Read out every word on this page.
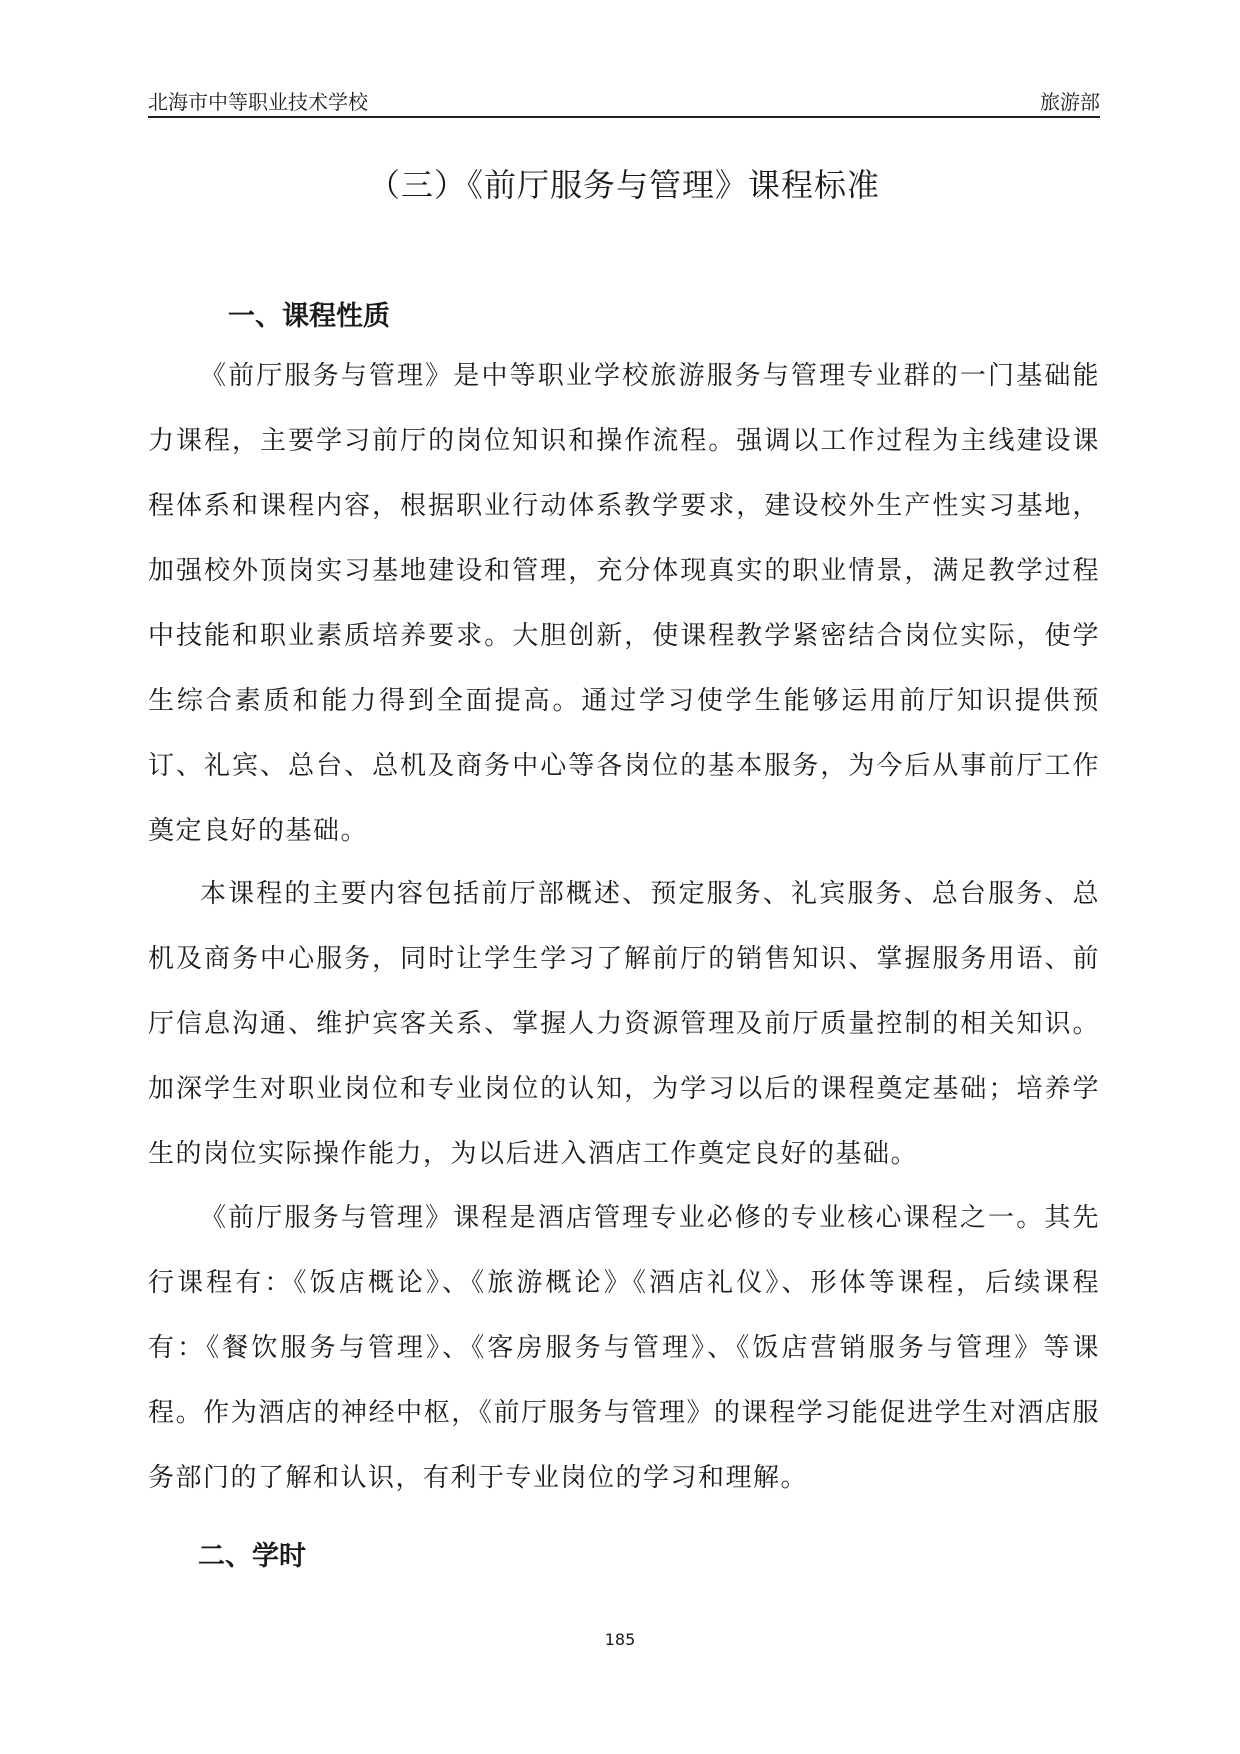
北海市中等职业技术学校	旅游部
（三）《前厅服务与管理》课程标准
一、课程性质

《前厅服务与管理》是中等职业学校旅游服务与管理专业群的一门基础能力课程，主要学习前厅的岗位知识和操作流程。强调以工作过程为主线建设课程体系和课程内容，根据职业行动体系教学要求，建设校外生产性实习基地，加强校外顶岗实习基地建设和管理，充分体现真实的职业情景，满足教学过程中技能和职业素质培养要求。大胆创新，使课程教学紧密结合岗位实际，使学生综合素质和能力得到全面提高。通过学习使学生能够运用前厅知识提供预订、礼宾、总台、总机及商务中心等各岗位的基本服务，为今后从事前厅工作奠定良好的基础。

本课程的主要内容包括前厅部概述、预定服务、礼宾服务、总台服务、总机及商务中心服务，同时让学生学习了解前厅的销售知识、掌握服务用语、前厅信息沟通、维护宾客关系、掌握人力资源管理及前厅质量控制的相关知识。加深学生对职业岗位和专业岗位的认知，为学习以后的课程奠定基础；培养学生的岗位实际操作能力，为以后进入酒店工作奠定良好的基础。

《前厅服务与管理》课程是酒店管理专业必修的专业核心课程之一。其先行课程有：《饭店概论》、《旅游概论》《酒店礼仪》、形体等课程，后续课程有：《餐饮服务与管理》、《客房服务与管理》、《饭店营销服务与管理》等课程。作为酒店的神经中枢，《前厅服务与管理》的课程学习能促进学生对酒店服务部门的了解和认识，有利于专业岗位的学习和理解。

二、学时
185
